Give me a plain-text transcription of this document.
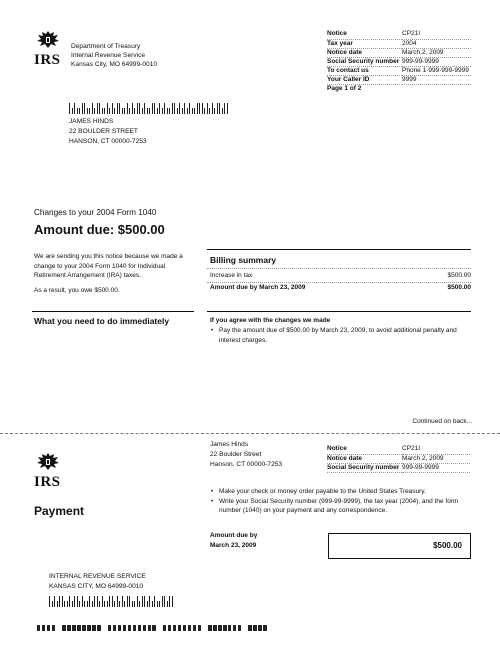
IRS
Department of Treasury
Internal Revenue Service
Kansas City, MO 64999-0010
Notice	CP21I
Tax year	2004
Notice date	March 2, 2009
Social Security number	999-99-9999
To contact us	Phone 1-999-999-9999
Your Caller ID	9999
Page 1 of 2	
JAMES HINDS
22 BOULDER STREET
HANSON, CT 00000-7253
Changes to your 2004 Form 1040
Amount due: $500.00
We are sending you this notice because we made a change to your 2004 Form 1040 for Individual Retirement Arrangement (IRA) taxes.
As a result, you owe $500.00.
Billing summary
Increase in tax	$500.00
Amount due by March 23, 2009	$500.00
What you need to do immediately	If you agree with the changes we made
• Pay the amount due of $500.00 by March 23, 2009, to avoid additional penalty and interest charges.
Continued on back...
IRS
Payment
James Hinds
22 Boulder Street
Hanson, CT 00000-7253
Notice	CP21I
Notice date	March 2, 2009
Social Security number	999-99-9999
• Make your check or money order payable to the United States Treasury.
• Write your Social Security number (999-99-9999), the tax year (2004), and the form number (1040) on your payment and any correspondence.
Amount due by
March 23, 2009	$500.00
INTERNAL REVENUE SERVICE
KANSAS CITY, MO 64999-0010
